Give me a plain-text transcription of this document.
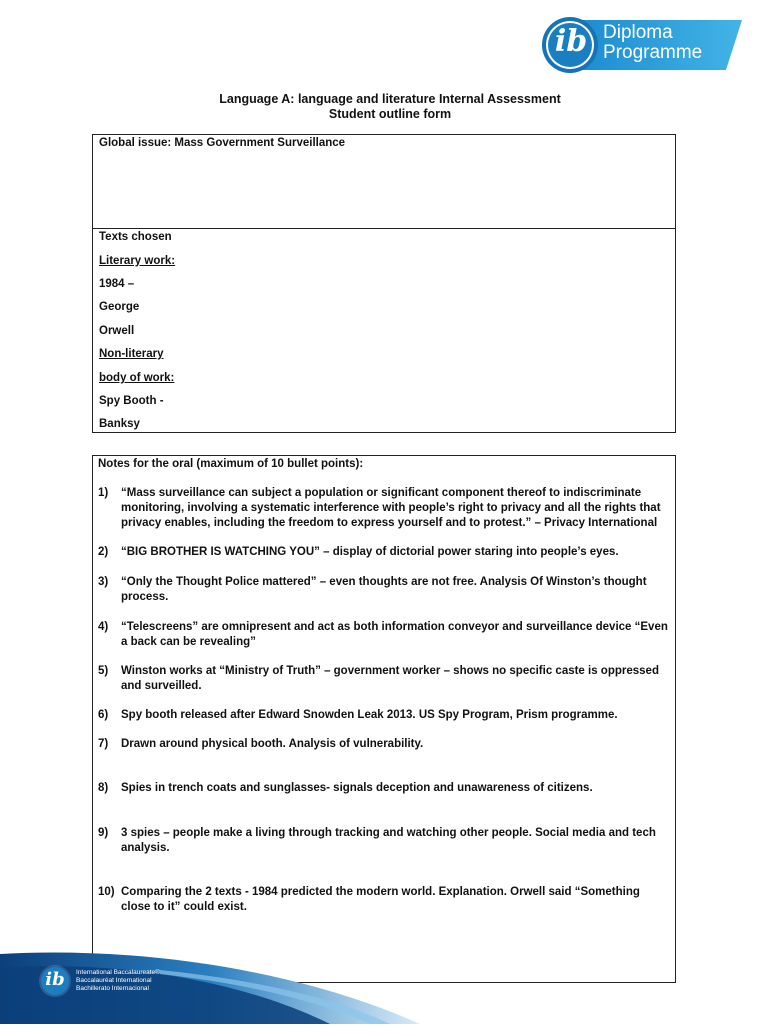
ib Diploma
Programme
Language A: language and literature Internal Assessment
Student outline form
Global issue: Mass Government Surveillance
Texts chosen
Literary work:
1984 –
George
Orwell
Non-literary
body of work:
Spy Booth -
Banksy
Notes for the oral (maximum of 10 bullet points):
1)	“Mass surveillance can subject a population or significant component thereof to indiscriminate monitoring, involving a systematic interference with people’s right to privacy and all the rights that privacy enables, including the freedom to express yourself and to protest.” – Privacy International
2)	“BIG BROTHER IS WATCHING YOU” – display of dictorial power staring into people’s eyes.
3)	“Only the Thought Police mattered” – even thoughts are not free. Analysis Of Winston’s thought process.
4)	“Telescreens” are omnipresent and act as both information conveyor and surveillance device “Even a back can be revealing”
5)	Winston works at “Ministry of Truth” – government worker – shows no specific caste is oppressed and surveilled.
6)	Spy booth released after Edward Snowden Leak 2013. US Spy Program, Prism programme.
7)	Drawn around physical booth. Analysis of vulnerability.
8)	Spies in trench coats and sunglasses- signals deception and unawareness of citizens.
9)	3 spies – people make a living through tracking and watching other people. Social media and tech analysis.
10) Comparing the 2 texts - 1984 predicted the modern world. Explanation. Orwell said “Something close to it” could exist.
ib	International Baccalaureate®
Baccalauréat International
Bachillerato Internacional
